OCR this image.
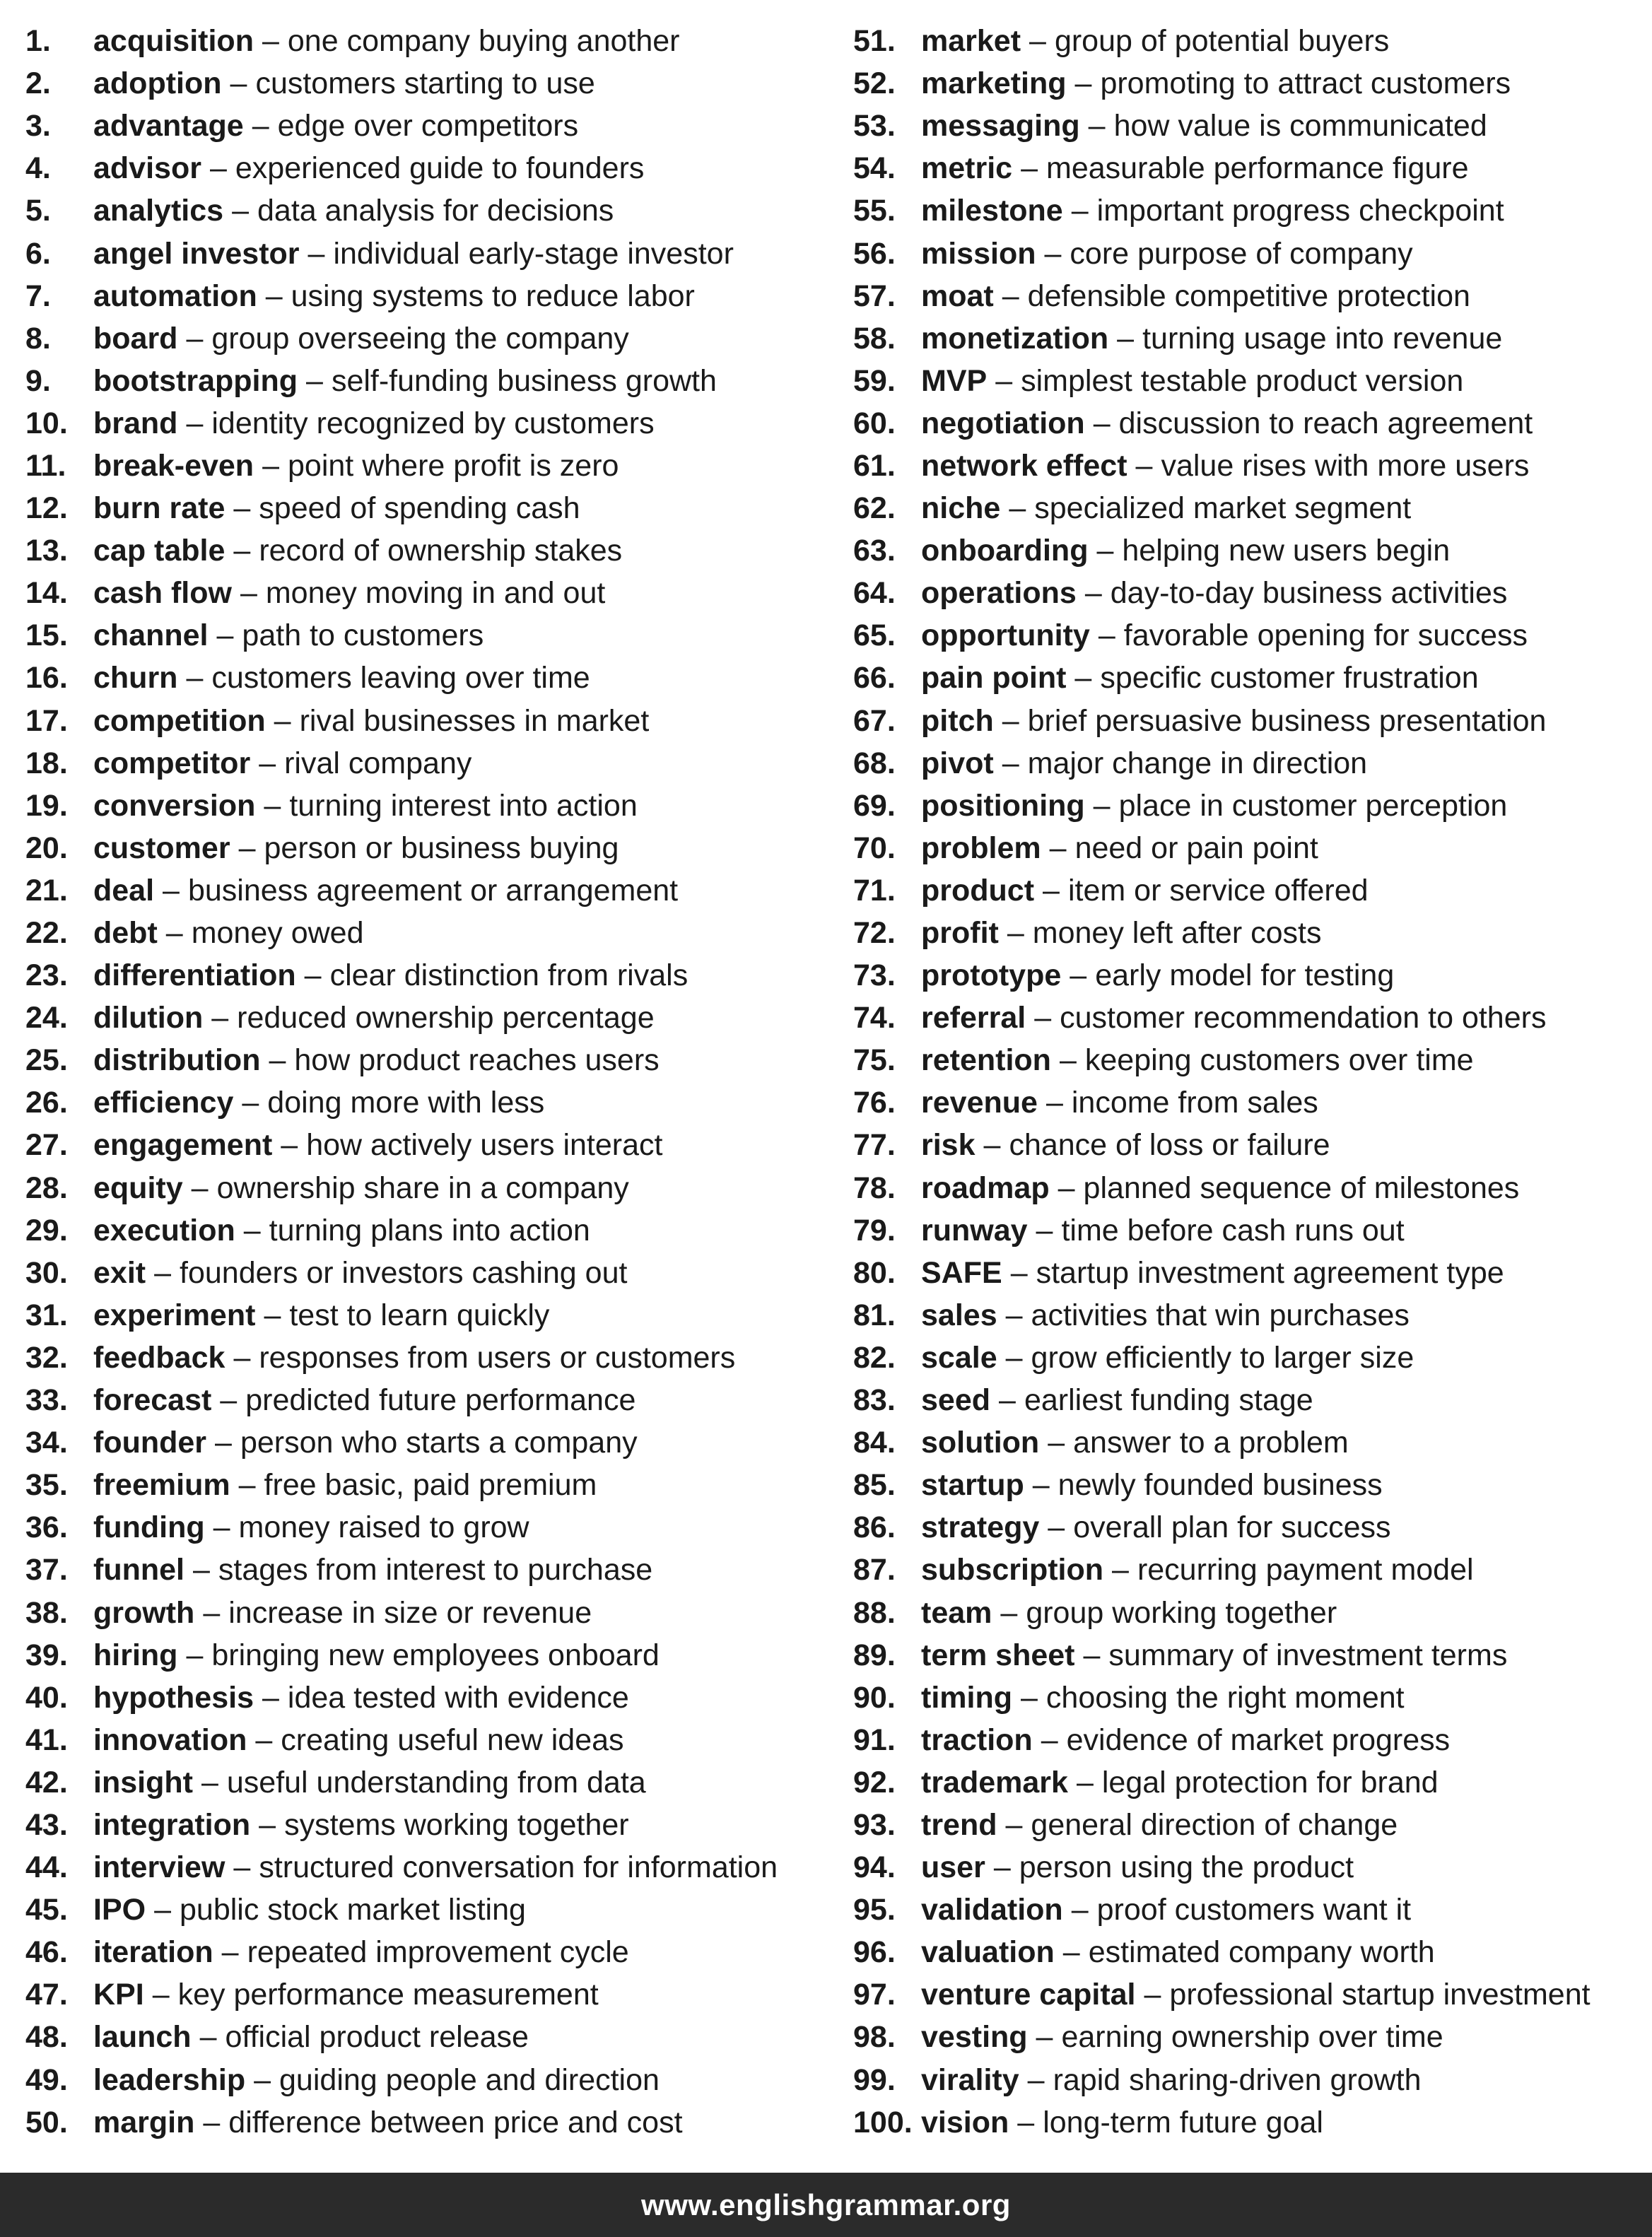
1.	acquisition – one company buying another
2.	adoption – customers starting to use
3.	advantage – edge over competitors
4.	advisor – experienced guide to founders
5.	analytics – data analysis for decisions
6.	angel investor – individual early-stage investor
7.	automation – using systems to reduce labor
8.	board – group overseeing the company
9.	bootstrapping – self-funding business growth
10. brand – identity recognized by customers
11. break-even – point where profit is zero
12. burn rate – speed of spending cash
13. cap table – record of ownership stakes
14. cash flow – money moving in and out
15. channel – path to customers
16. churn – customers leaving over time
17. competition – rival businesses in market
18. competitor – rival company
19. conversion – turning interest into action
20. customer – person or business buying
21. deal – business agreement or arrangement
22. debt – money owed
23. differentiation – clear distinction from rivals
24. dilution – reduced ownership percentage
25. distribution – how product reaches users
26. efficiency – doing more with less
27. engagement – how actively users interact
28. equity – ownership share in a company
29. execution – turning plans into action
30. exit – founders or investors cashing out
31. experiment – test to learn quickly
32. feedback – responses from users or customers
33. forecast – predicted future performance
34. founder – person who starts a company
35. freemium – free basic, paid premium
36. funding – money raised to grow
37. funnel – stages from interest to purchase
38. growth – increase in size or revenue
39. hiring – bringing new employees onboard
40. hypothesis – idea tested with evidence
41. innovation – creating useful new ideas
42. insight – useful understanding from data
43. integration – systems working together
44. interview – structured conversation for information
45. IPO – public stock market listing
46. iteration – repeated improvement cycle
47. KPI – key performance measurement
48. launch – official product release
49. leadership – guiding people and direction
50. margin – difference between price and cost
51. market – group of potential buyers
52. marketing – promoting to attract customers
53. messaging – how value is communicated
54. metric – measurable performance figure
55. milestone – important progress checkpoint
56. mission – core purpose of company
57. moat – defensible competitive protection
58. monetization – turning usage into revenue
59. MVP – simplest testable product version
60. negotiation – discussion to reach agreement
61. network effect – value rises with more users
62. niche – specialized market segment
63. onboarding – helping new users begin
64. operations – day-to-day business activities
65. opportunity – favorable opening for success
66. pain point – specific customer frustration
67. pitch – brief persuasive business presentation
68. pivot – major change in direction
69. positioning – place in customer perception
70. problem – need or pain point
71. product – item or service offered
72. profit – money left after costs
73. prototype – early model for testing
74. referral – customer recommendation to others
75. retention – keeping customers over time
76. revenue – income from sales
77. risk – chance of loss or failure
78. roadmap – planned sequence of milestones
79. runway – time before cash runs out
80. SAFE – startup investment agreement type
81. sales – activities that win purchases
82. scale – grow efficiently to larger size
83. seed – earliest funding stage
84. solution – answer to a problem
85. startup – newly founded business
86. strategy – overall plan for success
87. subscription – recurring payment model
88. team – group working together
89. term sheet – summary of investment terms
90. timing – choosing the right moment
91. traction – evidence of market progress
92. trademark – legal protection for brand
93. trend – general direction of change
94. user – person using the product
95. validation – proof customers want it
96. valuation – estimated company worth
97. venture capital – professional startup investment
98. vesting – earning ownership over time
99. virality – rapid sharing-driven growth
100. vision – long-term future goal
www.englishgrammar.org
